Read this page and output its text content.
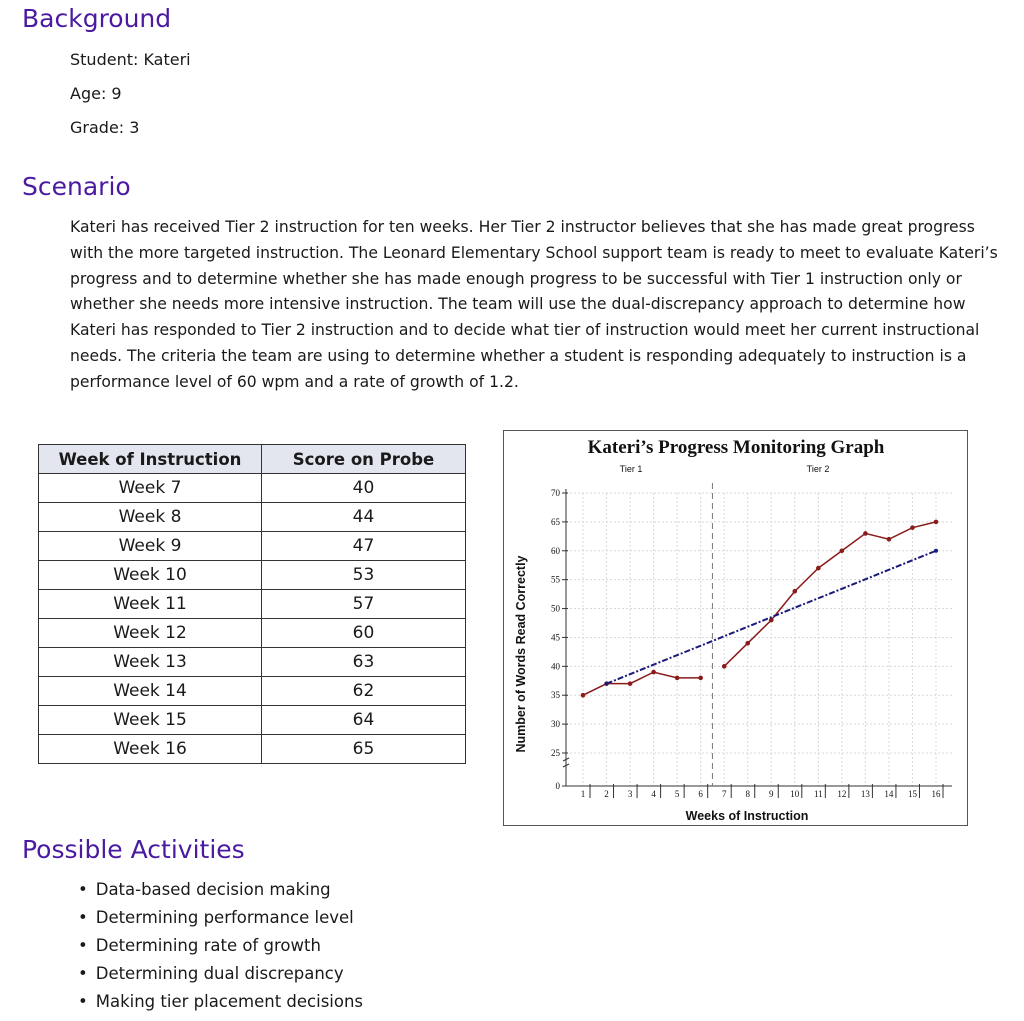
Background
Student: Kateri
Age: 9
Grade: 3
Scenario

Kateri has received Tier 2 instruction for ten weeks. Her Tier 2 instructor believes that she has made great progress with the more targeted instruction. The Leonard Elementary School support team is ready to meet to evaluate Kateri’s progress and to determine whether she has made enough progress to be successful with Tier 1 instruction only or whether she needs more intensive instruction. The team will use the dual-discrepancy approach to determine how Kateri has responded to Tier 2 instruction and to decide what tier of instruction would meet her current instructional needs. The criteria the team are using to determine whether a student is responding adequately to instruction is a performance level of 60 wpm and a rate of growth of 1.2.

Week of Instruction	Score on Probe
Week 7	40
Week 8	44
Week 9	47
Week 10	53
Week 11	57
Week 12	60
Week 13	63
Week 14	62
Week 15	64
Week 16	65
Kateri’s Progress Monitoring Graph
Tier 1	Tier 2
Number of Words Read Correctly
Weeks of Instruction
0
25
30
35
40
45
50
55
60
65
70
1 2 3 4 5 6 7 8 9 10 11 12 13 14 15 16
Possible Activities
• Data-based decision making
• Determining performance level
• Determining rate of growth
• Determining dual discrepancy
• Making tier placement decisions
